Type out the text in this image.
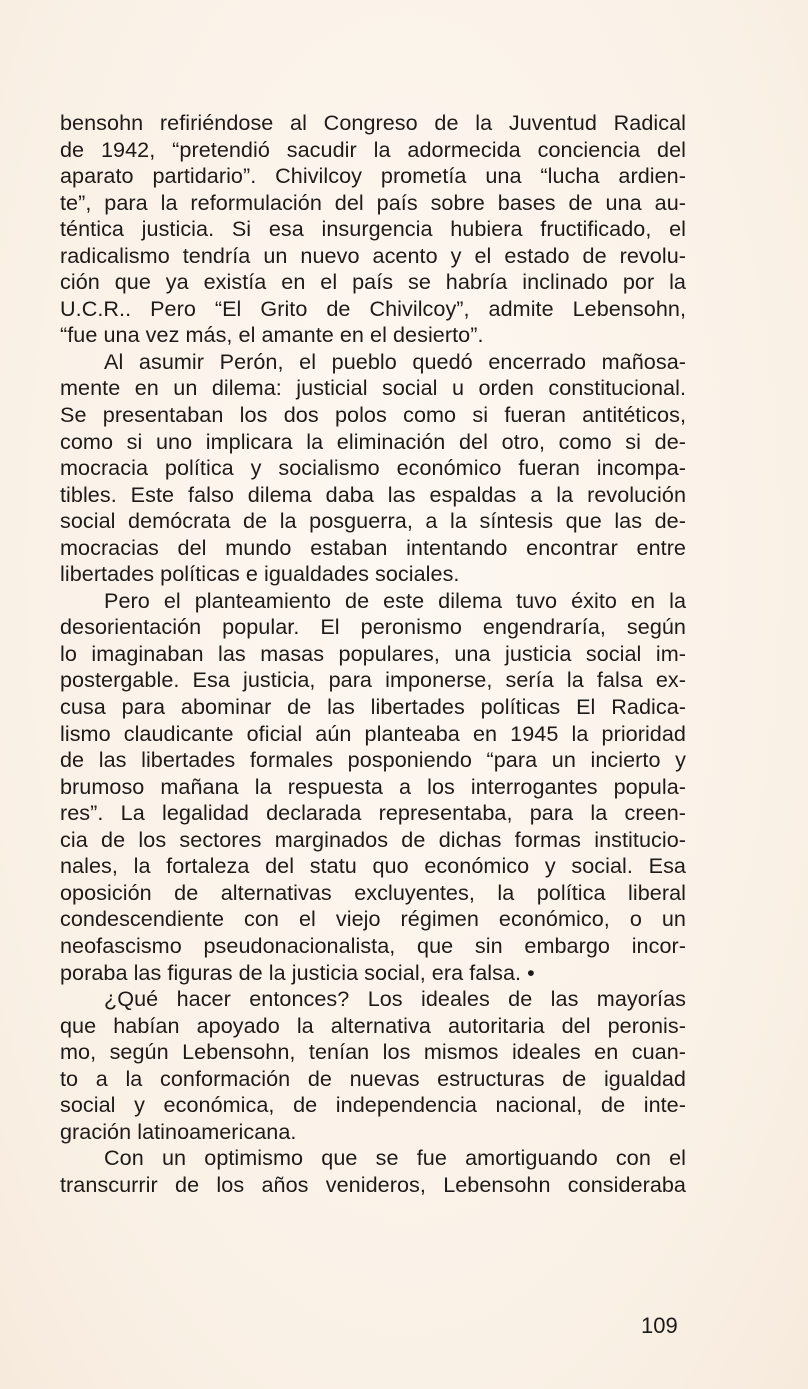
bensohn refiriéndose al Congreso de la Juventud Radical
de 1942, “pretendió sacudir la adormecida conciencia del
aparato partidario”. Chivilcoy prometía una “lucha ardien-
te”, para la reformulación del país sobre bases de una au-
téntica justicia. Si esa insurgencia hubiera fructificado, el
radicalismo tendría un nuevo acento y el estado de revolu-
ción que ya existía en el país se habría inclinado por la
U.C.R.. Pero “El Grito de Chivilcoy”, admite Lebensohn,
“fue una vez más, el amante en el desierto”.
Al asumir Perón, el pueblo quedó encerrado mañosa-
mente en un dilema: justicial social u orden constitucional.
Se presentaban los dos polos como si fueran antitéticos,
como si uno implicara la eliminación del otro, como si de-
mocracia política y socialismo económico fueran incompa-
tibles. Este falso dilema daba las espaldas a la revolución
social demócrata de la posguerra, a la síntesis que las de-
mocracias del mundo estaban intentando encontrar entre
libertades políticas e igualdades sociales.
Pero el planteamiento de este dilema tuvo éxito en la
desorientación popular. El peronismo engendraría, según
lo imaginaban las masas populares, una justicia social im-
postergable. Esa justicia, para imponerse, sería la falsa ex-
cusa para abominar de las libertades políticas El Radica-
lismo claudicante oficial aún planteaba en 1945 la prioridad
de las libertades formales posponiendo “para un incierto y
brumoso mañana la respuesta a los interrogantes popula-
res”. La legalidad declarada representaba, para la creen-
cia de los sectores marginados de dichas formas institucio-
nales, la fortaleza del statu quo económico y social. Esa
oposición de alternativas excluyentes, la política liberal
condescendiente con el viejo régimen económico, o un
neofascismo pseudonacionalista, que sin embargo incor-
poraba las figuras de la justicia social, era falsa. •
¿Qué hacer entonces? Los ideales de las mayorías
que habían apoyado la alternativa autoritaria del peronis-
mo, según Lebensohn, tenían los mismos ideales en cuan-
to a la conformación de nuevas estructuras de igualdad
social y económica, de independencia nacional, de inte-
gración latinoamericana.
Con un optimismo que se fue amortiguando con el
transcurrir de los años venideros, Lebensohn consideraba
109
